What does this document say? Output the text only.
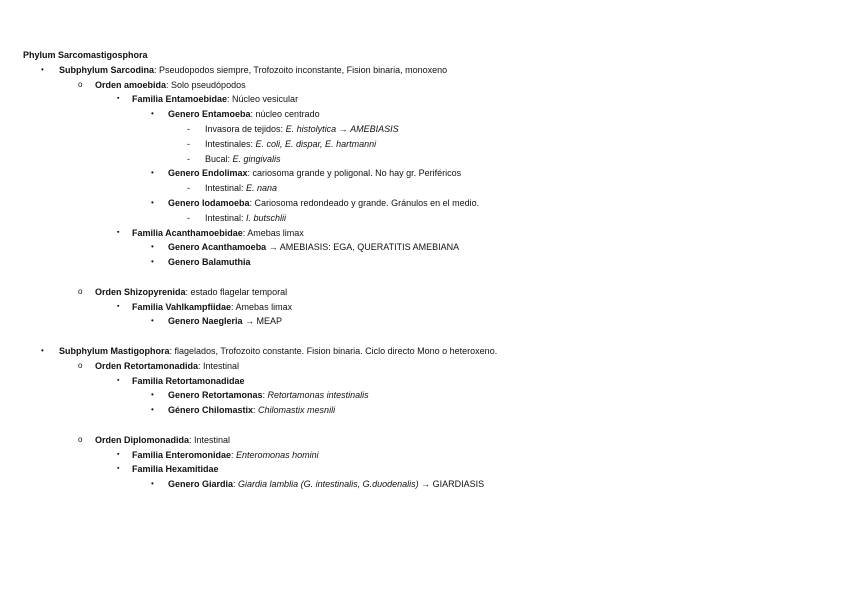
Phylum Sarcomastigosphora
• Subphylum Sarcodina: Pseudopodos siempre, Trofozoito inconstante, Fision binaria, monoxeno
o Orden amoebida: Solo pseudópodos
▪ Familia Entamoebidae: Núcleo vesicular
• Genero Entamoeba: núcleo centrado
- Invasora de tejidos: E. histolytica → AMEBIASIS
- Intestinales: E. coli, E. dispar, E. hartmanni
- Bucal: E. gingivalis
• Genero Endolimax: cariosoma grande y poligonal. No hay gr. Periféricos
- Intestinal: E. nana
• Genero Iodamoeba: Cariosoma redondeado y grande. Gránulos en el medio.
- Intestinal: I. butschlii
▪ Familia Acanthamoebidae: Amebas limax
• Genero Acanthamoeba → AMEBIASIS: EGA, QUERATITIS AMEBIANA
• Genero Balamuthia
o Orden Shizopyrenida: estado flagelar temporal
▪ Familia Vahlkampfiidae: Amebas limax
• Genero Naegleria → MEAP
• Subphylum Mastigophora: flagelados, Trofozoito constante. Fision binaria. Ciclo directo Mono o heteroxeno.
o Orden Retortamonadida: Intestinal
▪ Familia Retortamonadidae
• Genero Retortamonas: Retortamonas intestinalis
• Género Chilomastix: Chilomastix mesnili
o Orden Diplomonadida: Intestinal
▪ Familia Enteromonidae: Enteromonas homini
▪ Familia Hexamitidae
• Genero Giardia: Giardia lamblia (G. intestinalis, G.duodenalis) → GIARDIASIS
